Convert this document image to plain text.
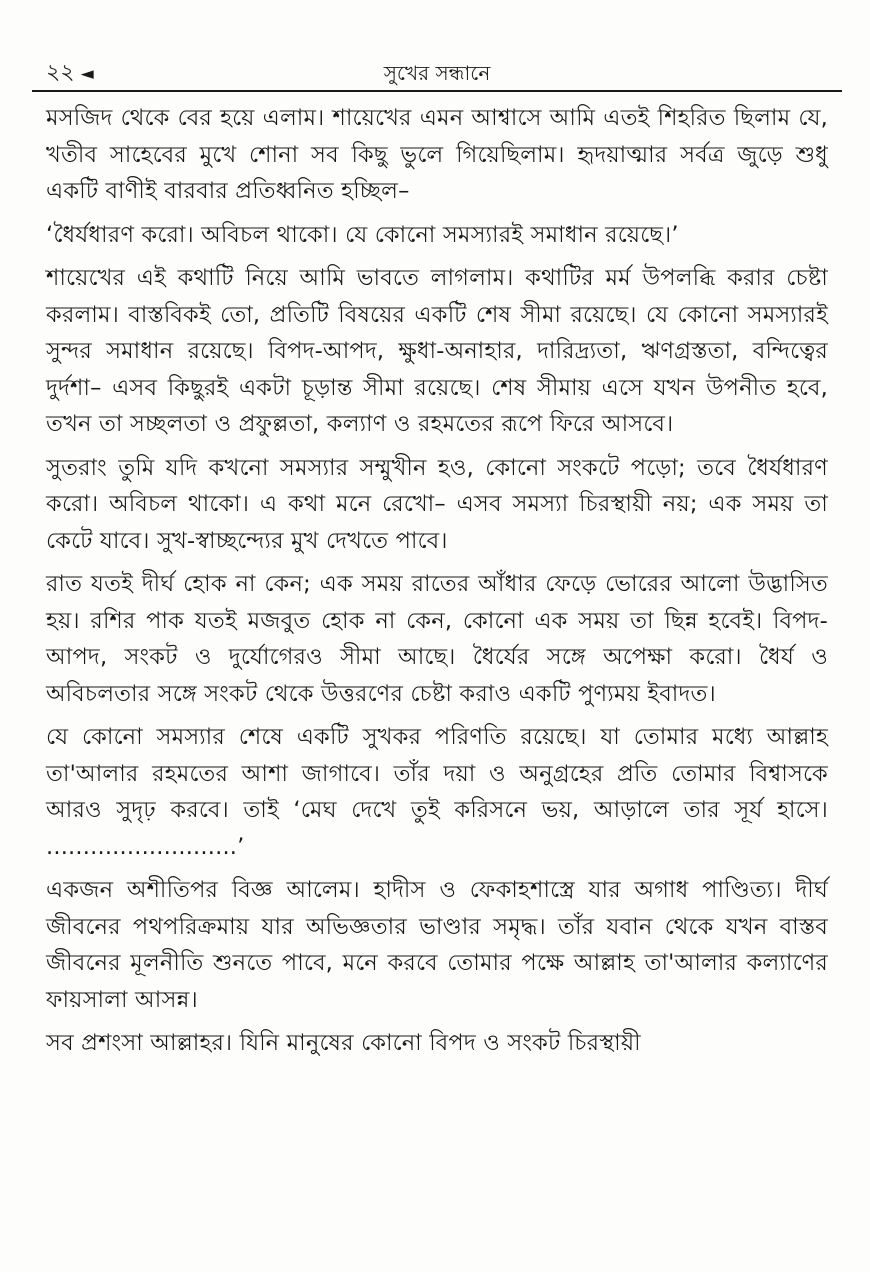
২২ ◄	সুখের সন্ধানে

মসজিদ থেকে বের হয়ে এলাম। শায়েখের এমন আশ্বাসে আমি এতই শিহরিত ছিলাম যে, খতীব সাহেবের মুখে শোনা সব কিছু ভুলে গিয়েছিলাম। হৃদয়াত্মার সর্বত্র জুড়ে শুধু একটি বাণীই বারবার প্রতিধ্বনিত হচ্ছিল–

‘ধৈর্যধারণ করো। অবিচল থাকো। যে কোনো সমস্যারই সমাধান রয়েছে।’

শায়েখের এই কথাটি নিয়ে আমি ভাবতে লাগলাম। কথাটির মর্ম উপলব্ধি করার চেষ্টা করলাম। বাস্তবিকই তো, প্রতিটি বিষয়ের একটি শেষ সীমা রয়েছে। যে কোনো সমস্যারই সুন্দর সমাধান রয়েছে। বিপদ-আপদ, ক্ষুধা-অনাহার, দারিদ্র্যতা, ঋণগ্রস্ততা, বন্দিত্বের দুর্দশা– এসব কিছুরই একটা চূড়ান্ত সীমা রয়েছে। শেষ সীমায় এসে যখন উপনীত হবে, তখন তা সচ্ছলতা ও প্রফুল্লতা, কল্যাণ ও রহমতের রূপে ফিরে আসবে।

সুতরাং তুমি যদি কখনো সমস্যার সম্মুখীন হও, কোনো সংকটে পড়ো; তবে ধৈর্যধারণ করো। অবিচল থাকো। এ কথা মনে রেখো– এসব সমস্যা চিরস্থায়ী নয়; এক সময় তা কেটে যাবে। সুখ-স্বাচ্ছন্দ্যের মুখ দেখতে পাবে।

রাত যতই দীর্ঘ হোক না কেন; এক সময় রাতের আঁধার ফেড়ে ভোরের আলো উদ্ভাসিত হয়। রশির পাক যতই মজবুত হোক না কেন, কোনো এক সময় তা ছিন্ন হবেই। বিপদ-আপদ, সংকট ও দুর্যোগেরও সীমা আছে। ধৈর্যের সঙ্গে অপেক্ষা করো। ধৈর্য ও অবিচলতার সঙ্গে সংকট থেকে উত্তরণের চেষ্টা করাও একটি পুণ্যময় ইবাদত।

যে কোনো সমস্যার শেষে একটি সুখকর পরিণতি রয়েছে। যা তোমার মধ্যে আল্লাহ তা'আলার রহমতের আশা জাগাবে। তাঁর দয়া ও অনুগ্রহের প্রতি তোমার বিশ্বাসকে আরও সুদৃঢ় করবে। তাই ‘মেঘ দেখে তুই করিসনে ভয়, আড়ালে তার সূর্য হাসে। ..........................’

একজন অশীতিপর বিজ্ঞ আলেম। হাদীস ও ফেকাহশাস্ত্রে যার অগাধ পাণ্ডিত্য। দীর্ঘ জীবনের পথপরিক্রমায় যার অভিজ্ঞতার ভাণ্ডার সমৃদ্ধ। তাঁর যবান থেকে যখন বাস্তব জীবনের মূলনীতি শুনতে পাবে, মনে করবে তোমার পক্ষে আল্লাহ তা'আলার কল্যাণের ফায়সালা আসন্ন।

সব প্রশংসা আল্লাহর। যিনি মানুষের কোনো বিপদ ও সংকট চিরস্থায়ী
